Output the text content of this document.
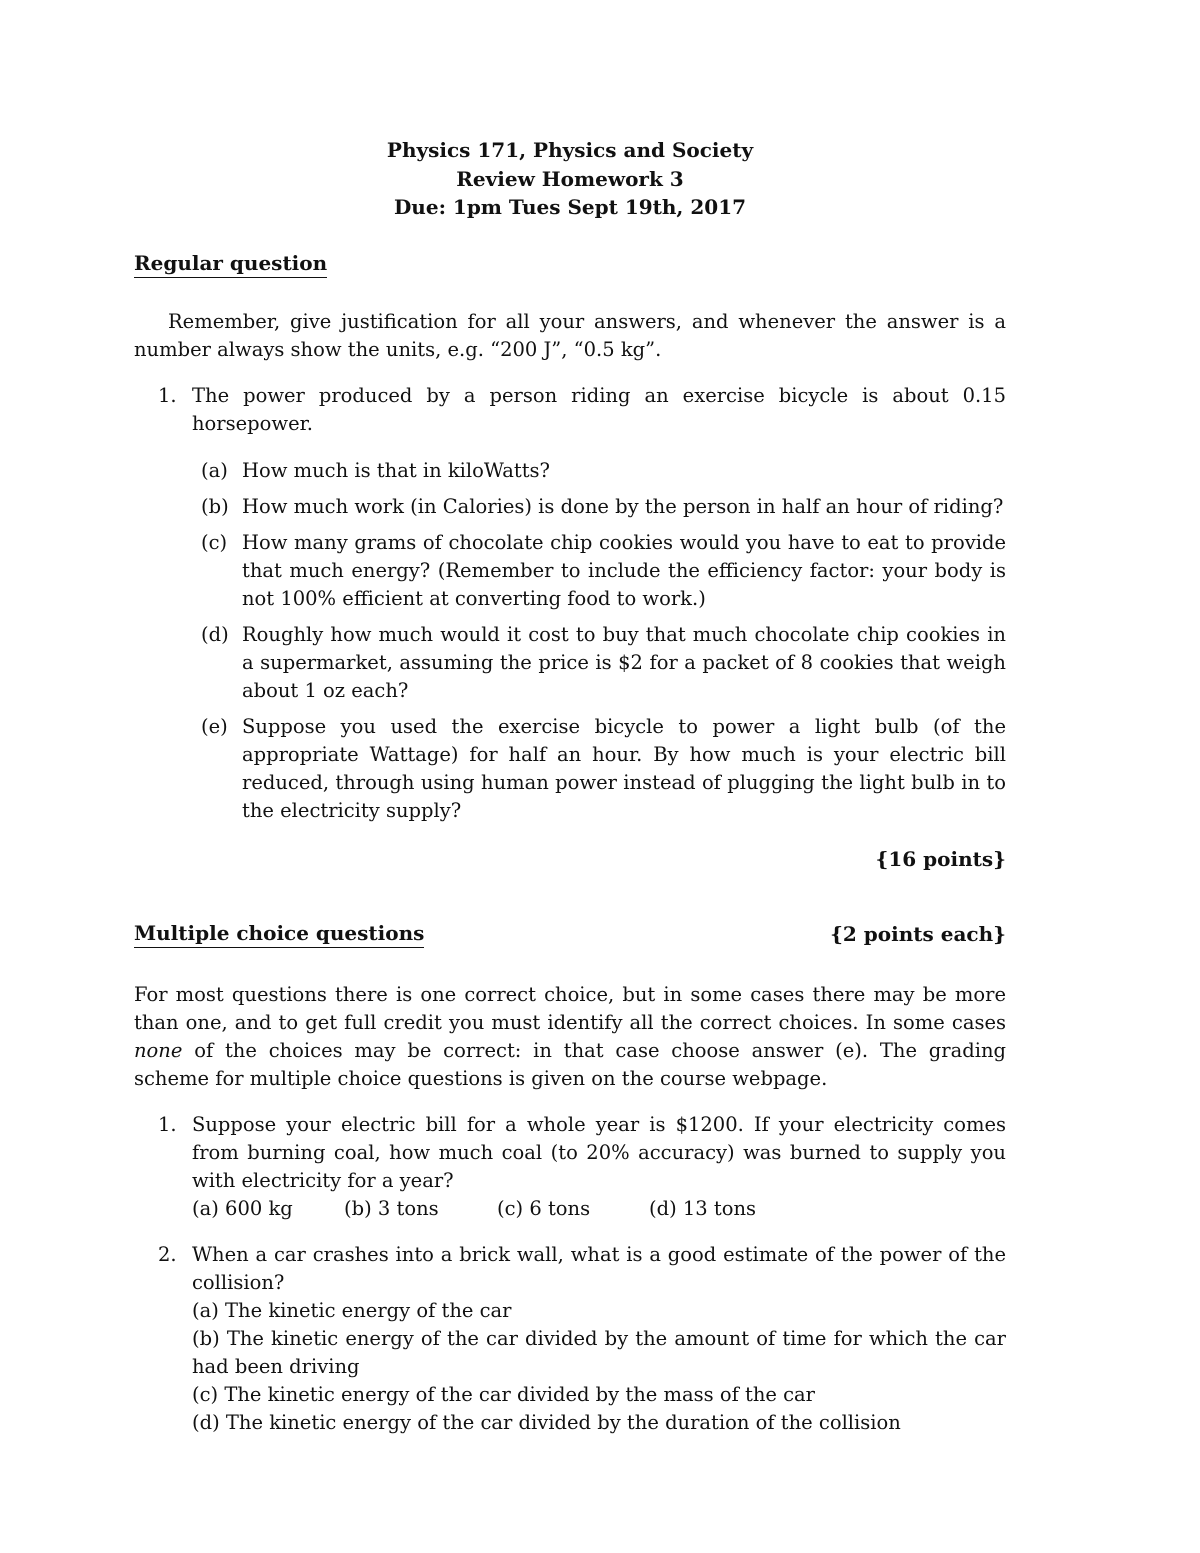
Physics 171, Physics and Society
Review Homework 3
Due: 1pm Tues Sept 19th, 2017
Regular question

Remember, give justification for all your answers, and whenever the answer is a number always show the units, e.g. “200 J”, “0.5 kg”.

1. The power produced by a person riding an exercise bicycle is about 0.15 horsepower.
(a) How much is that in kiloWatts?
(b) How much work (in Calories) is done by the person in half an hour of riding?
(c) How many grams of chocolate chip cookies would you have to eat to provide that much energy? (Remember to include the efficiency factor: your body is not 100% efficient at converting food to work.)
(d) Roughly how much would it cost to buy that much chocolate chip cookies in a supermarket, assuming the price is $2 for a packet of 8 cookies that weigh about 1 oz each?
(e) Suppose you used the exercise bicycle to power a light bulb (of the appropriate Wattage) for half an hour. By how much is your electric bill reduced, through using human power instead of plugging the light bulb in to the electricity supply?
{16 points}
Multiple choice questions	{2 points each}

For most questions there is one correct choice, but in some cases there may be more than one, and to get full credit you must identify all the correct choices. In some cases none of the choices may be correct: in that case choose answer (e). The grading scheme for multiple choice questions is given on the course webpage.

1. Suppose your electric bill for a whole year is $1200. If your electricity comes from burning coal, how much coal (to 20% accuracy) was burned to supply you with electricity for a year?
(a) 600 kg	(b) 3 tons	(c) 6 tons	(d) 13 tons
2. When a car crashes into a brick wall, what is a good estimate of the power of the collision?
(a) The kinetic energy of the car
(b) The kinetic energy of the car divided by the amount of time for which the car had been driving
(c) The kinetic energy of the car divided by the mass of the car
(d) The kinetic energy of the car divided by the duration of the collision
